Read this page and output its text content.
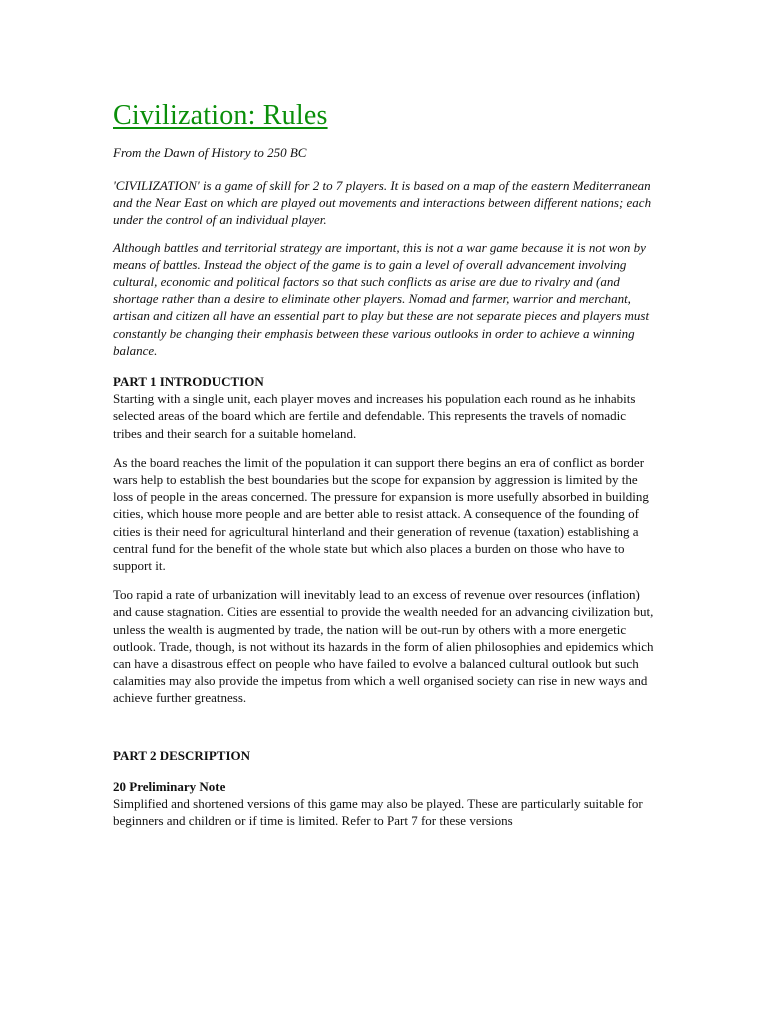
Civilization: Rules
From the Dawn of History to 250 BC

'CIVILIZATION' is a game of skill for 2 to 7 players. It is based on a map of the eastern Mediterranean and the Near East on which are played out movements and interactions between different nations; each under the control of an individual player.

Although battles and territorial strategy are important, this is not a war game because it is not won by means of battles. Instead the object of the game is to gain a level of overall advancement involving cultural, economic and political factors so that such conflicts as arise are due to rivalry and (and shortage rather than a desire to eliminate other players. Nomad and farmer, warrior and merchant, artisan and citizen all have an essential part to play but these are not separate pieces and players must constantly be changing their emphasis between these various outlooks in order to achieve a winning balance.

PART 1 INTRODUCTION

Starting with a single unit, each player moves and increases his population each round as he inhabits selected areas of the board which are fertile and defendable. This represents the travels of nomadic tribes and their search for a suitable homeland.

As the board reaches the limit of the population it can support there begins an era of conflict as border wars help to establish the best boundaries but the scope for expansion by aggression is limited by the loss of people in the areas concerned. The pressure for expansion is more usefully absorbed in building cities, which house more people and are better able to resist attack. A consequence of the founding of cities is their need for agricultural hinterland and their generation of revenue (taxation) establishing a central fund for the benefit of the whole state but which also places a burden on those who have to support it.

Too rapid a rate of urbanization will inevitably lead to an excess of revenue over resources (inflation) and cause stagnation. Cities are essential to provide the wealth needed for an advancing civilization but, unless the wealth is augmented by trade, the nation will be out-run by others with a more energetic outlook. Trade, though, is not without its hazards in the form of alien philosophies and epidemics which can have a disastrous effect on people who have failed to evolve a balanced cultural outlook but such calamities may also provide the impetus from which a well organised society can rise in new ways and achieve further greatness.

PART 2 DESCRIPTION
20 Preliminary Note

Simplified and shortened versions of this game may also be played. These are particularly suitable for beginners and children or if time is limited. Refer to Part 7 for these versions
